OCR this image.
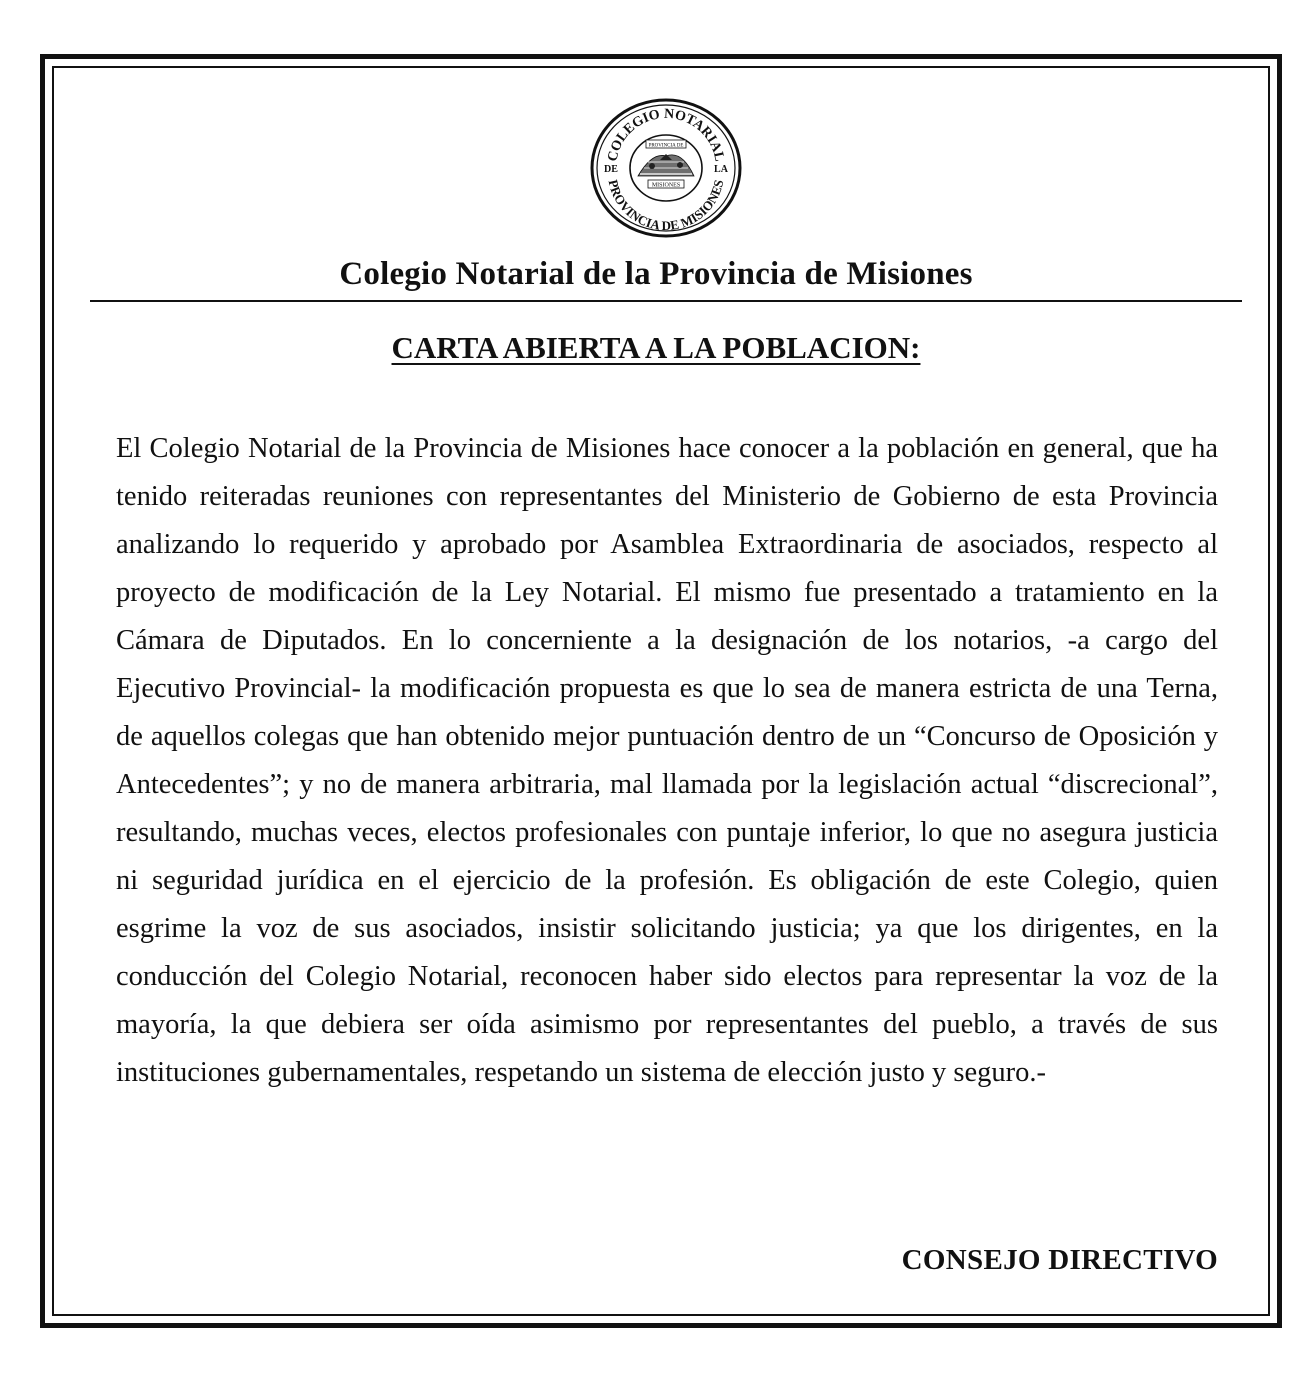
COLEGIO NOTARIAL
PROVINCIA DE MISIONES
DE	LA
PROVINCIA DE
MISIONES
Colegio Notarial de la Provincia de Misiones
CARTA ABIERTA A LA POBLACION:
El Colegio Notarial de la Provincia de Misiones hace conocer a la población en general, que ha tenido reiteradas reuniones con representantes del Ministerio de Gobierno de esta Provincia analizando lo requerido y aprobado por Asamblea Extraordinaria de asociados, respecto al proyecto de modificación de la Ley Notarial. El mismo fue presentado a tratamiento en la Cámara de Diputados. En lo concerniente a la designación de los notarios, -a cargo del Ejecutivo Provincial- la modificación propuesta es que lo sea de manera estricta de una Terna, de aquellos colegas que han obtenido mejor puntuación dentro de un “Concurso de Oposición y Antecedentes”; y no de manera arbitraria, mal llamada por la legislación actual “discrecional”, resultando, muchas veces, electos profesionales con puntaje inferior, lo que no asegura justicia ni seguridad jurídica en el ejercicio de la profesión. Es obligación de este Colegio, quien esgrime la voz de sus asociados, insistir solicitando justicia; ya que los dirigentes, en la conducción del Colegio Notarial, reconocen haber sido electos para representar la voz de la mayoría, la que debiera ser oída asimismo por representantes del pueblo, a través de sus instituciones gubernamentales, respetando un sistema de elección justo y seguro.-
CONSEJO DIRECTIVO
